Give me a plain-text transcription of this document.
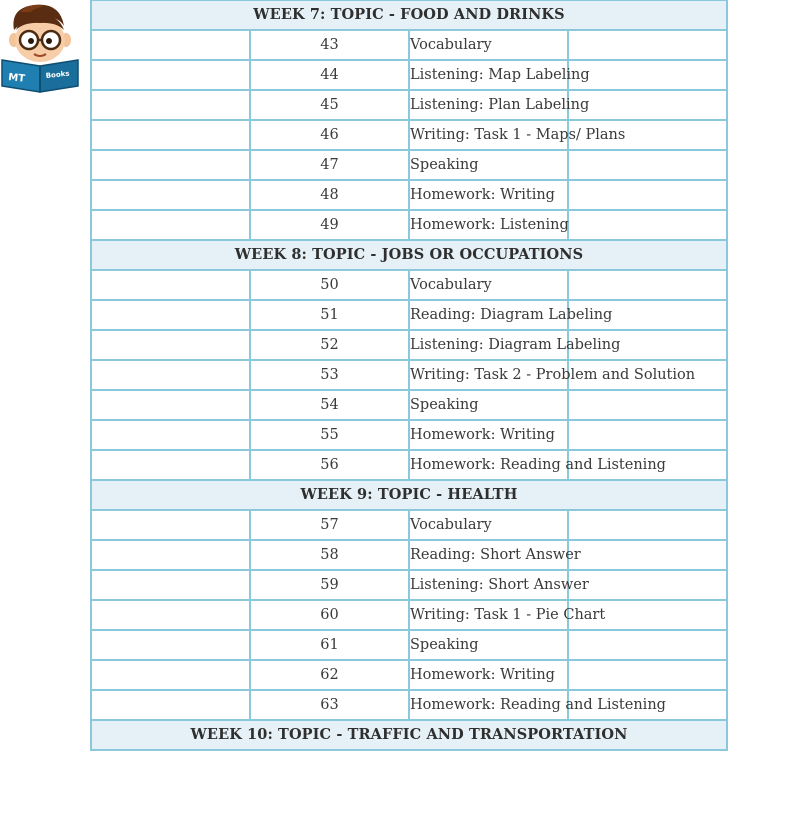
MT	Books
WEEK 7: TOPIC - FOOD AND DRINKS			
	43	Vocabulary	
	44	Listening: Map Labeling	
	45	Listening: Plan Labeling	
	46	Writing: Task 1 - Maps/ Plans	
	47	Speaking	
	48	Homework: Writing	
	49	Homework: Listening	
WEEK 8: TOPIC - JOBS OR OCCUPATIONS			
	50	Vocabulary	
	51	Reading: Diagram Labeling	
	52	Listening: Diagram Labeling	
	53	Writing: Task 2 - Problem and Solution	
	54	Speaking	
	55	Homework: Writing	
	56	Homework: Reading and Listening	
WEEK 9: TOPIC - HEALTH			
	57	Vocabulary	
	58	Reading: Short Answer	
	59	Listening: Short Answer	
	60	Writing: Task 1 - Pie Chart	
	61	Speaking	
	62	Homework: Writing	
	63	Homework: Reading and Listening	
WEEK 10: TOPIC - TRAFFIC AND TRANSPORTATION			
